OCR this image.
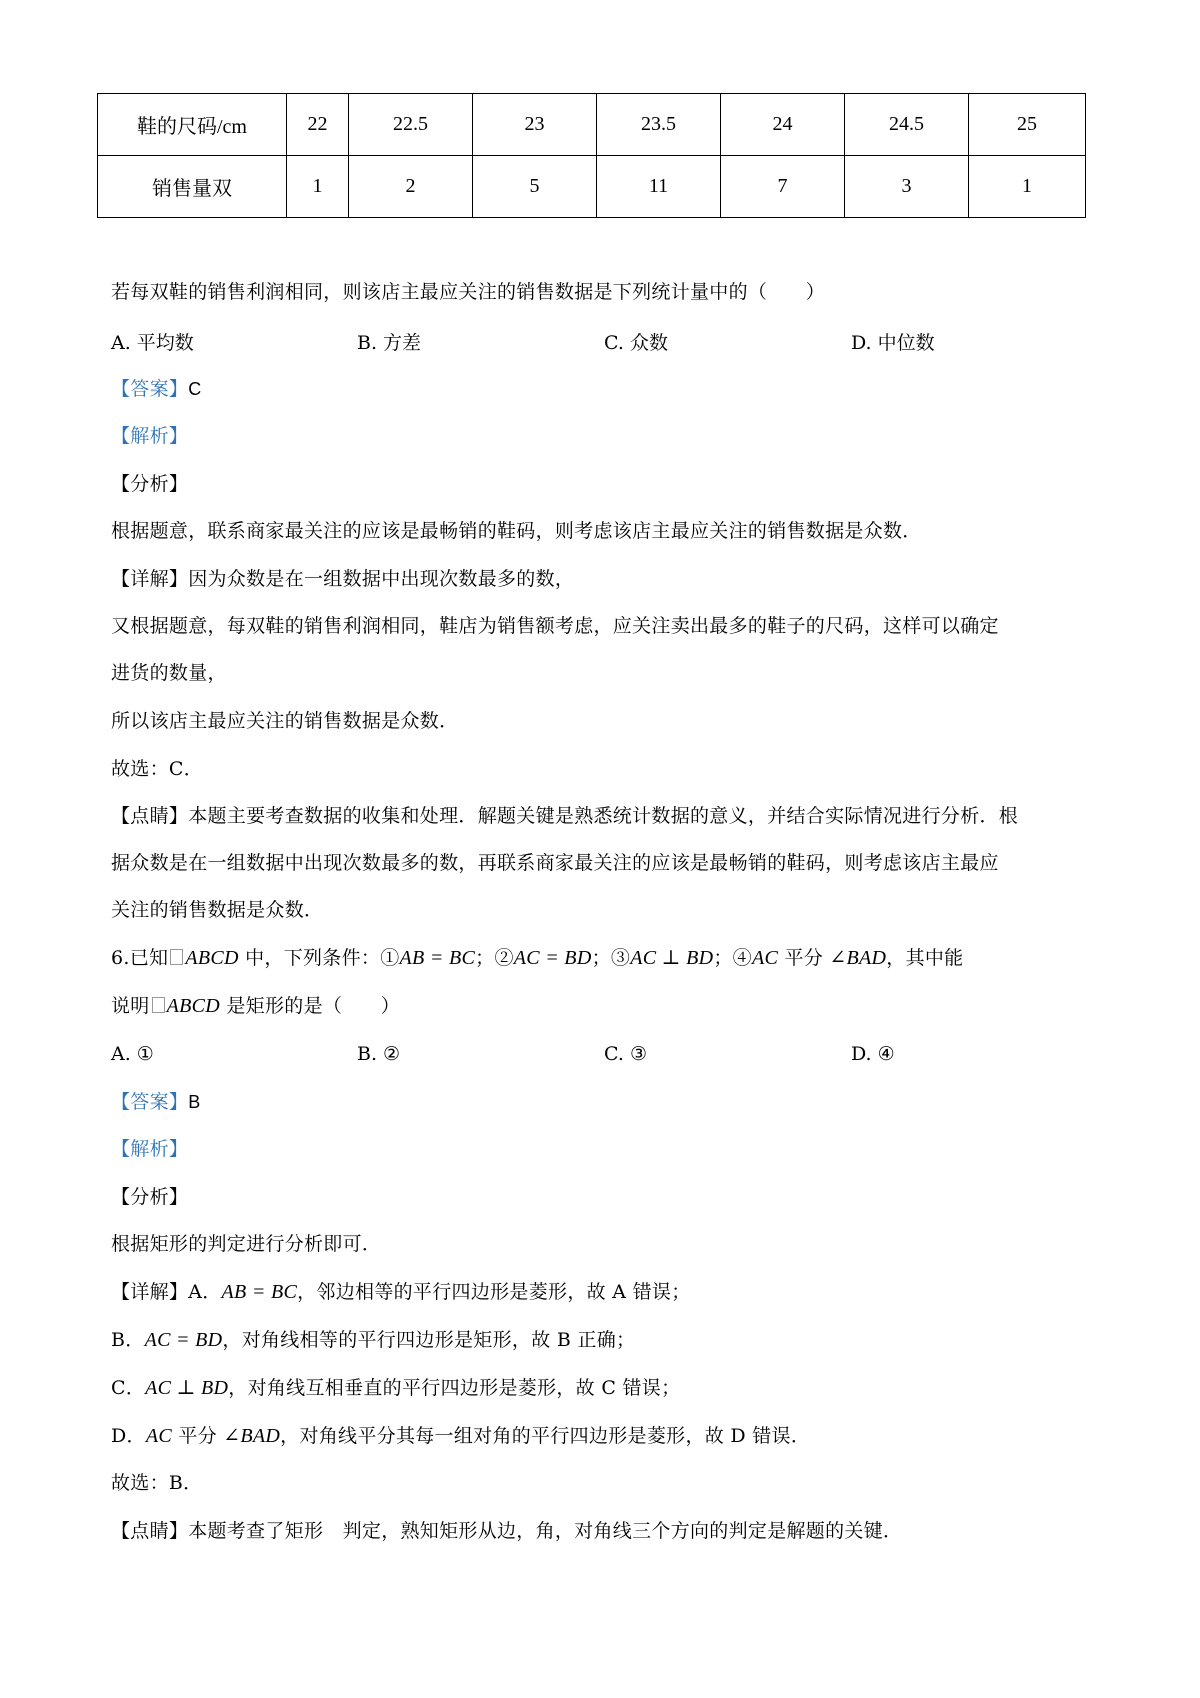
鞋的尺码/cm	22	22.5	23	23.5	24	24.5	25
销售量双	1	2	5	11	7	3	1
若每双鞋的销售利润相同，则该店主最应关注的销售数据是下列统计量中的（　　）
A. 平均数	B. 方差	C. 众数	D. 中位数
【答案】C
【解析】
【分析】
根据题意，联系商家最关注的应该是最畅销的鞋码，则考虑该店主最应关注的销售数据是众数．
【详解】因为众数是在一组数据中出现次数最多的数，
又根据题意，每双鞋的销售利润相同，鞋店为销售额考虑，应关注卖出最多的鞋子的尺码，这样可以确定
进货的数量，
所以该店主最应关注的销售数据是众数．
故选：C．
【点睛】本题主要考查数据的收集和处理．解题关键是熟悉统计数据的意义，并结合实际情况进行分析．根
据众数是在一组数据中出现次数最多的数，再联系商家最关注的应该是最畅销的鞋码，则考虑该店主最应
关注的销售数据是众数．
6.已知 ABCD 中，下列条件：①AB = BC；②AC = BD；③AC ⊥ BD；④AC 平分 ∠BAD，其中能
说明 ABCD 是矩形的是（　　）
A. ①	B. ②	C. ③	D. ④
【答案】B
【解析】
【分析】
根据矩形的判定进行分析即可．
【详解】A．AB = BC，邻边相等的平行四边形是菱形，故 A 错误；
B．AC = BD，对角线相等的平行四边形是矩形，故 B 正确；
C．AC ⊥ BD，对角线互相垂直的平行四边形是菱形，故 C 错误；
D．AC 平分 ∠BAD，对角线平分其每一组对角的平行四边形是菱形，故 D 错误．
故选：B．
【点睛】本题考查了矩形　判定，熟知矩形从边，角，对角线三个方向的判定是解题的关键．
